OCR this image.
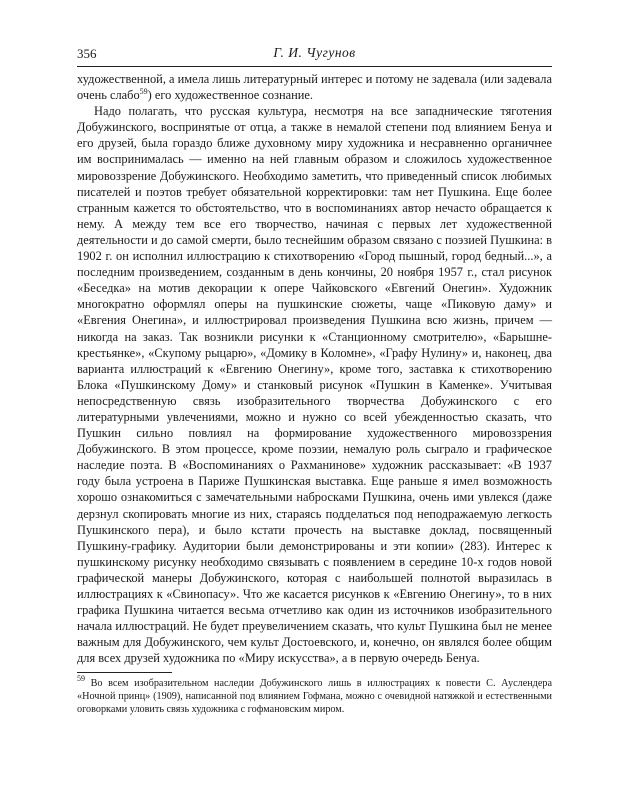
356	Г. И. Чугунов

художественной, а имела лишь литературный интерес и потому не задевала (или задевала очень слабо$^{59}$) его художественное сознание.

Надо полагать, что русская культура, несмотря на все западнические тяготения Добужинского, воспринятые от отца, а также в немалой степени под влиянием Бенуа и его друзей, была гораздо ближе духовному миру художника и несравненно органичнее им воспринималась — именно на ней главным образом и сложилось художественное мировоззрение Добужинского. Необходимо заметить, что приведенный список любимых писателей и поэтов требует обязательной корректировки: там нет Пушкина. Еще более странным кажется то обстоятельство, что в воспоминаниях автор нечасто обращается к нему. А между тем все его творчество, начиная с первых лет художественной деятельности и до самой смерти, было теснейшим образом связано с поэзией Пушкина: в 1902 г. он исполнил иллюстрацию к стихотворению «Город пышный, город бедный...», а последним произведением, созданным в день кончины, 20 ноября 1957 г., стал рисунок «Беседка» на мотив декорации к опере Чайковского «Евгений Онегин». Художник многократно оформлял оперы на пушкинские сюжеты, чаще «Пиковую даму» и «Евгения Онегина», и иллюстрировал произведения Пушкина всю жизнь, причем — никогда на заказ. Так возникли рисунки к «Станционному смотрителю», «Барышне-крестьянке», «Скупому рыцарю», «Домику в Коломне», «Графу Нулину» и, наконец, два варианта иллюстраций к «Евгению Онегину», кроме того, заставка к стихотворению Блока «Пушкинскому Дому» и станковый рисунок «Пушкин в Каменке». Учитывая непосредственную связь изобразительного творчества Добужинского с его литературными увлечениями, можно и нужно со всей убежденностью сказать, что Пушкин сильно повлиял на формирование художественного мировоззрения Добужинского. В этом процессе, кроме поэзии, немалую роль сыграло и графическое наследие поэта. В «Воспоминаниях о Рахманинове» художник рассказывает: «В 1937 году была устроена в Париже Пушкинская выставка. Еще раньше я имел возможность хорошо ознакомиться с замечательными набросками Пушкина, очень ими увлекся (даже дерзнул скопировать многие из них, стараясь подделаться под неподражаемую легкость Пушкинского пера), и было кстати прочесть на выставке доклад, посвященный Пушкину-графику. Аудитории были демонстрированы и эти копии» (283). Интерес к пушкинскому рисунку необходимо связывать с появлением в середине 10-х годов новой графической манеры Добужинского, которая с наибольшей полнотой выразилась в иллюстрациях к «Свинопасу». Что же касается рисунков к «Евгению Онегину», то в них графика Пушкина читается весьма отчетливо как один из источников изобразительного начала иллюстраций. Не будет преувеличением сказать, что культ Пушкина был не менее важным для Добужинского, чем культ Достоевского, и, конечно, он являлся более общим для всех друзей художника по «Миру искусства», а в первую очередь Бенуа.

$^{59}$ Во всем изобразительном наследии Добужинского лишь в иллюстрациях к повести С. Ауслендера «Ночной принц» (1909), написанной под влиянием Гофмана, можно с очевидной натяжкой и естественными оговорками уловить связь художника с гофмановским миром.
